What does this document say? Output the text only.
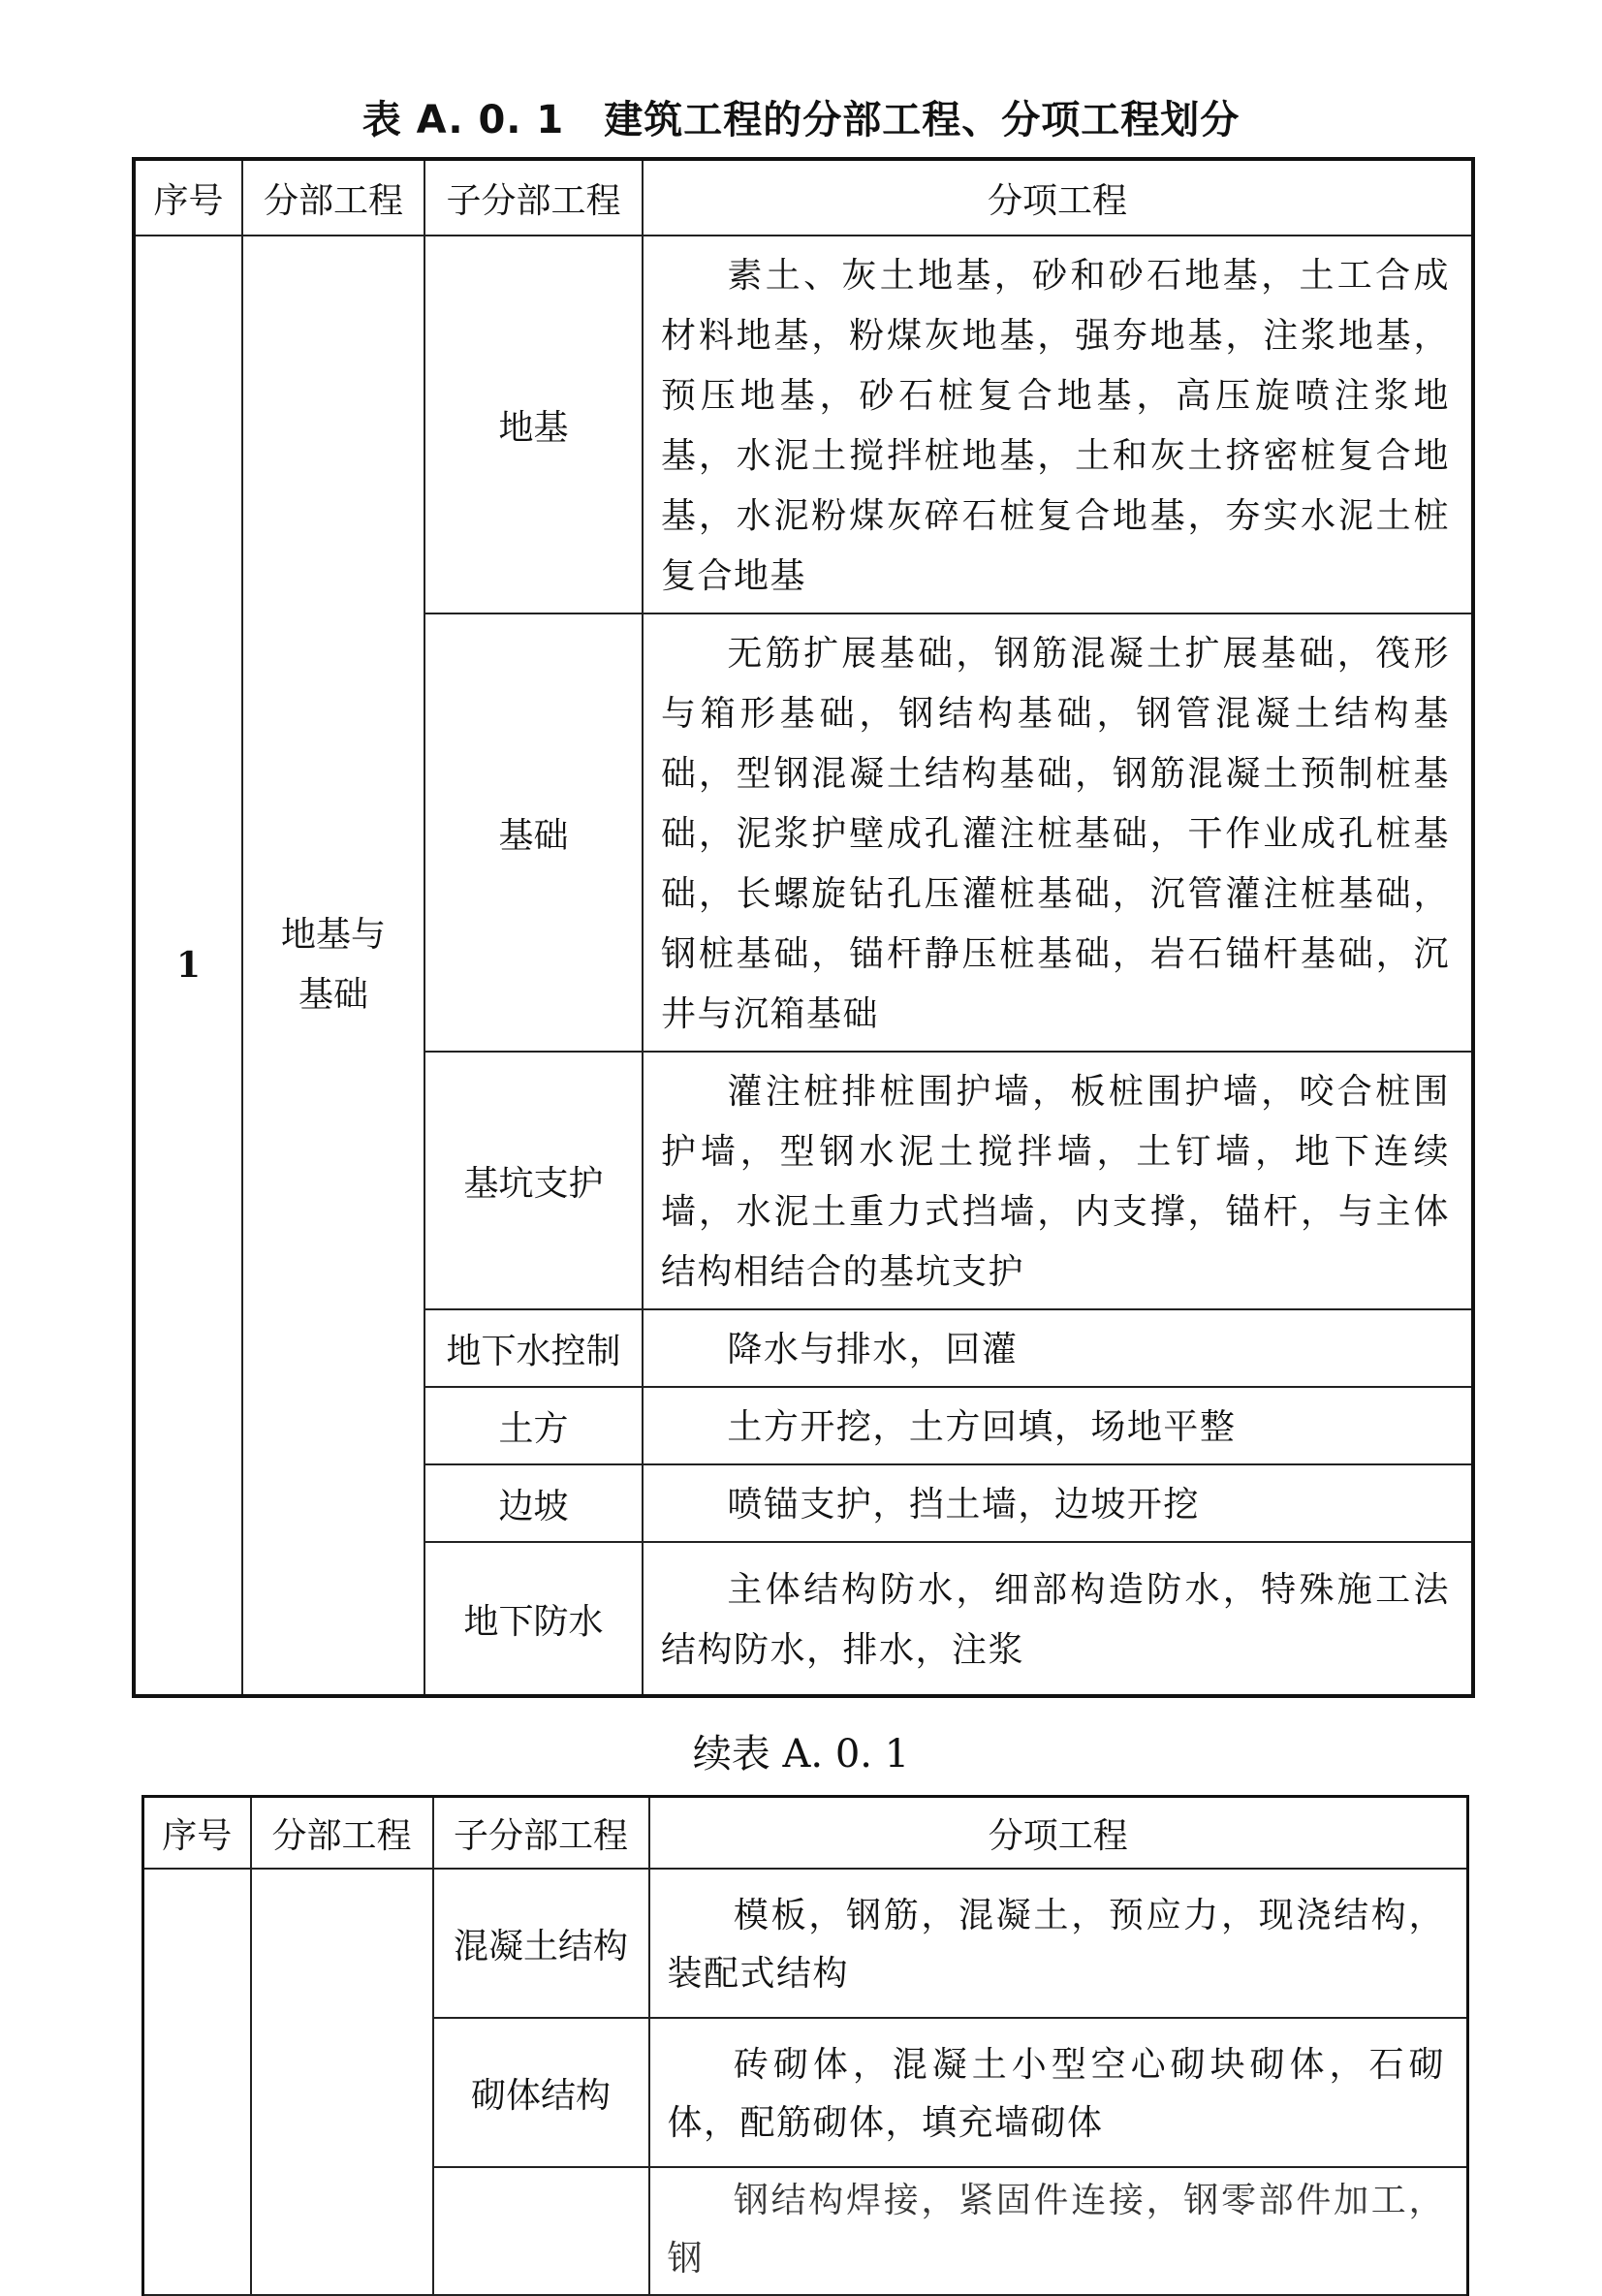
表 A. 0. 1　建筑工程的分部工程、分项工程划分
序号	分部工程	子分部工程	分项工程
1	地基与基础	地基	素土、灰土地基，砂和砂石地基，土工合成材料地基，粉煤灰地基，强夯地基，注浆地基，预压地基，砂石桩复合地基，高压旋喷注浆地基，水泥土搅拌桩地基，土和灰土挤密桩复合地基，水泥粉煤灰碎石桩复合地基，夯实水泥土桩复合地基

		基础	无筋扩展基础，钢筋混凝土扩展基础，筏形与箱形基础，钢结构基础，钢管混凝土结构基础，型钢混凝土结构基础，钢筋混凝土预制桩基础，泥浆护壁成孔灌注桩基础，干作业成孔桩基础，长螺旋钻孔压灌桩基础，沉管灌注桩基础，钢桩基础，锚杆静压桩基础，岩石锚杆基础，沉井与沉箱基础

		基坑支护	灌注桩排桩围护墙，板桩围护墙，咬合桩围护墙，型钢水泥土搅拌墙，土钉墙，地下连续墙，水泥土重力式挡墙，内支撑，锚杆，与主体结构相结合的基坑支护

		地下水控制	降水与排水，回灌

		土方	土方开挖，土方回填，场地平整

		边坡	喷锚支护，挡土墙，边坡开挖

		地下防水	主体结构防水，细部构造防水，特殊施工法结构防水，排水，注浆
续表 A. 0. 1
序号	分部工程	子分部工程	分项工程
		混凝土结构	模板，钢筋，混凝土，预应力，现浇结构，装配式结构

		砌体结构	砖砌体，混凝土小型空心砌块砌体，石砌体，配筋砌体，填充墙砌体

			钢结构焊接，紧固件连接，钢零部件加工，钢
